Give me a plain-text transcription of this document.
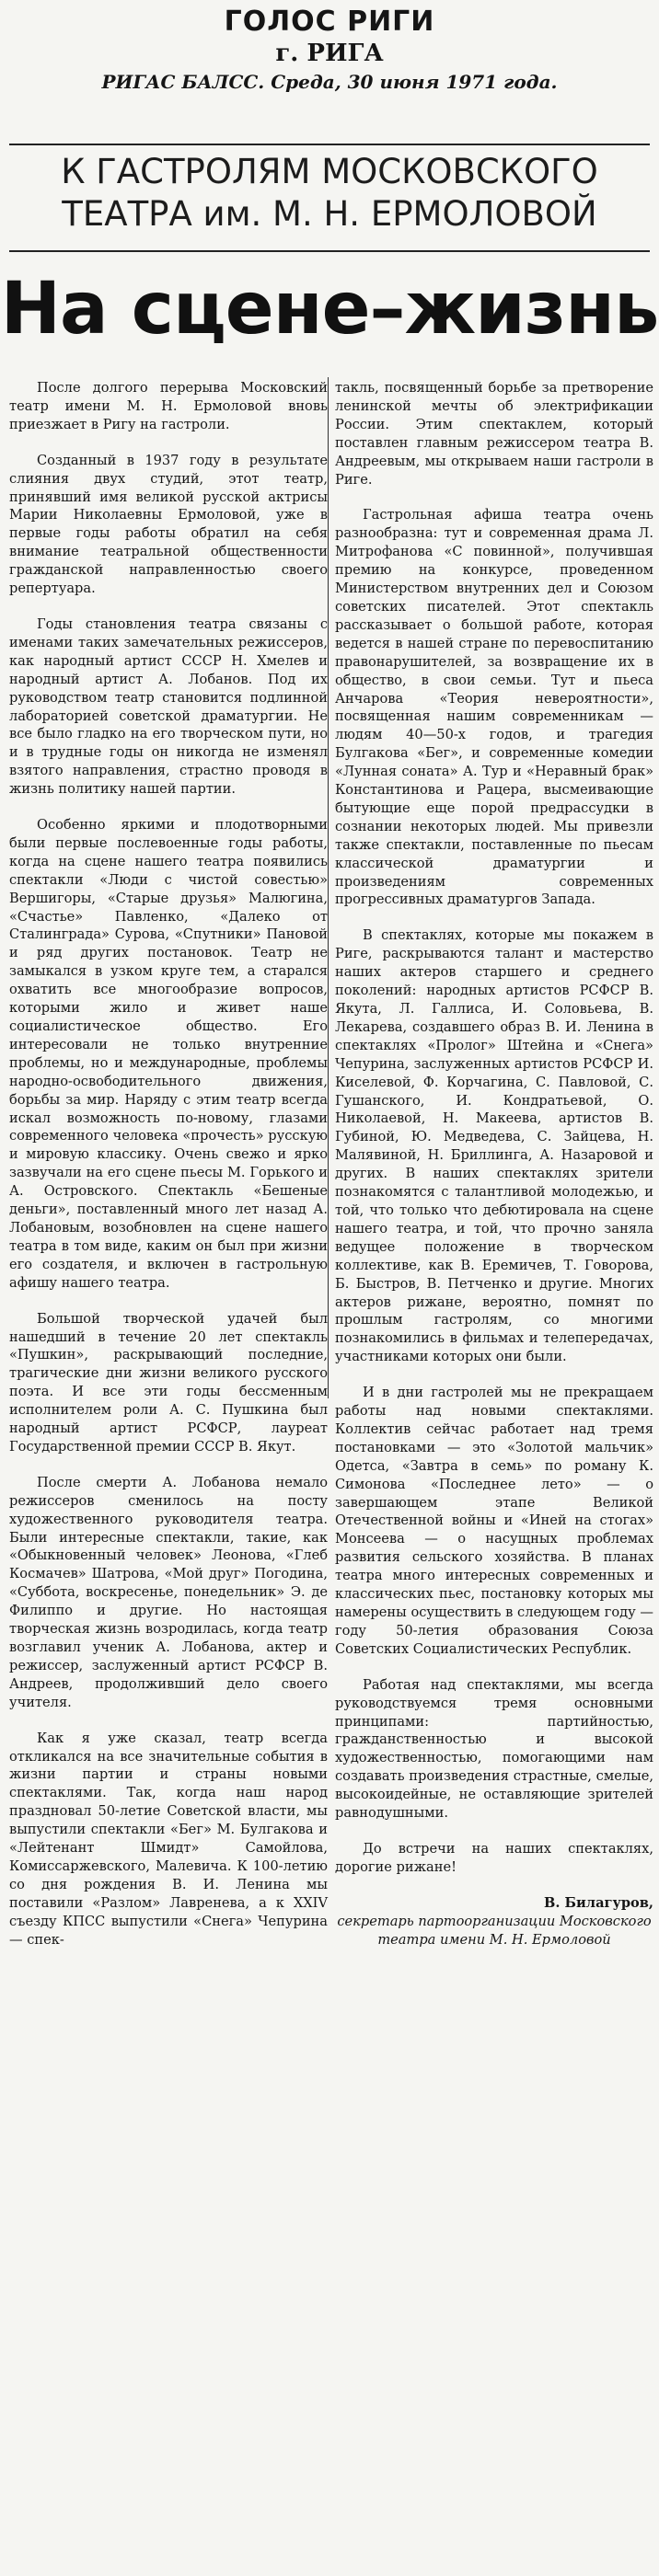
ГОЛОС РИГИ
г. РИГА
РИГАС БАЛСС. Среда, 30 июня 1971 года.
К ГАСТРОЛЯМ МОСКОВСКОГО
ТЕАТРА им. М. Н. ЕРМОЛОВОЙ
На сцене–жизнь

После долгого перерыва Московский театр имени М. Н. Ермоловой вновь приезжает в Ригу на гастроли.

Созданный в 1937 году в результате слияния двух студий, этот театр, принявший имя великой русской актрисы Марии Николаевны Ермоловой, уже в первые годы работы обратил на себя внимание театральной общественности гражданской направленностью своего репертуара.

Годы становления театра связаны с именами таких замечательных режиссеров, как народный артист СССР Н. Хмелев и народный артист А. Лобанов. Под их руководством театр становится подлинной лабораторией советской драматургии. Не все было гладко на его творческом пути, но и в трудные годы он никогда не изменял взятого направления, страстно проводя в жизнь политику нашей партии.

Особенно яркими и плодотворными были первые послевоенные годы работы, когда на сцене нашего театра появились спектакли «Люди с чистой совестью» Вершигоры, «Старые друзья» Малюгина, «Счастье» Павленко, «Далеко от Сталинграда» Сурова, «Спутники» Пановой и ряд других постановок. Театр не замыкался в узком круге тем, а старался охватить все многообразие вопросов, которыми жило и живет наше социалистическое общество. Его интересовали не только внутренние проблемы, но и международные, проблемы народно-освободительного движения, борьбы за мир. Наряду с этим театр всегда искал возможность по-новому, глазами современного человека «прочесть» русскую и мировую классику. Очень свежо и ярко зазвучали на его сцене пьесы М. Горького и А. Островского. Спектакль «Бешеные деньги», поставленный много лет назад А. Лобановым, возобновлен на сцене нашего театра в том виде, каким он был при жизни его создателя, и включен в гастрольную афишу нашего театра.

Большой творческой удачей был нашедший в течение 20 лет спектакль «Пушкин», раскрывающий последние, трагические дни жизни великого русского поэта. И все эти годы бессменным исполнителем роли А. С. Пушкина был народный артист РСФСР, лауреат Государственной премии СССР В. Якут.

После смерти А. Лобанова немало режиссеров сменилось на посту художественного руководителя театра. Были интересные спектакли, такие, как «Обыкновенный человек» Леонова, «Глеб Космачев» Шатрова, «Мой друг» Погодина, «Суббота, воскресенье, понедельник» Э. де Филиппо и другие. Но настоящая творческая жизнь возродилась, когда театр возглавил ученик А. Лобанова, актер и режиссер, заслуженный артист РСФСР В. Андреев, продолживший дело своего учителя.

Как я уже сказал, театр всегда откликался на все значительные события в жизни партии и страны новыми спектаклями. Так, когда наш народ праздновал 50-летие Советской власти, мы выпустили спектакли «Бег» М. Булгакова и «Лейтенант Шмидт» Самойлова, Комиссаржевского, Малевича. К 100-летию со дня рождения В. И. Ленина мы поставили «Разлом» Лавренева, а к XXIV съезду КПСС выпустили «Снега» Чепурина — спек-

такль, посвященный борьбе за претворение ленинской мечты об электрификации России. Этим спектаклем, который поставлен главным режиссером театра В. Андреевым, мы открываем наши гастроли в Риге.

Гастрольная афиша театра очень разнообразна: тут и современная драма Л. Митрофанова «С повинной», получившая премию на конкурсе, проведенном Министерством внутренних дел и Союзом советских писателей. Этот спектакль рассказывает о большой работе, которая ведется в нашей стране по перевоспитанию правонарушителей, за возвращение их в общество, в свои семьи. Тут и пьеса Анчарова «Теория невероятности», посвященная нашим современникам — людям 40—50-х годов, и трагедия Булгакова «Бег», и современные комедии «Лунная соната» А. Тур и «Неравный брак» Константинова и Рацера, высмеивающие бытующие еще порой предрассудки в сознании некоторых людей. Мы привезли также спектакли, поставленные по пьесам классической драматургии и произведениям современных прогрессивных драматургов Запада.

В спектаклях, которые мы покажем в Риге, раскрываются талант и мастерство наших актеров старшего и среднего поколений: народных артистов РСФСР В. Якута, Л. Галлиса, И. Соловьева, В. Лекарева, создавшего образ В. И. Ленина в спектаклях «Пролог» Штейна и «Снега» Чепурина, заслуженных артистов РСФСР И. Киселевой, Ф. Корчагина, С. Павловой, С. Гушанского, И. Кондратьевой, О. Николаевой, Н. Макеева, артистов В. Губиной, Ю. Медведева, С. Зайцева, Н. Малявиной, Н. Бриллинга, А. Назаровой и других. В наших спектаклях зрители познакомятся с талантливой молодежью, и той, что только что дебютировала на сцене нашего театра, и той, что прочно заняла ведущее положение в творческом коллективе, как В. Еремичев, Т. Говорова, Б. Быстров, В. Петченко и другие. Многих актеров рижане, вероятно, помнят по прошлым гастролям, со многими познакомились в фильмах и телепередачах, участниками которых они были.

И в дни гастролей мы не прекращаем работы над новыми спектаклями. Коллектив сейчас работает над тремя постановками — это «Золотой мальчик» Одетса, «Завтра в семь» по роману К. Симонова «Последнее лето» — о завершающем этапе Великой Отечественной войны и «Иней на стогах» Монсеева — о насущных проблемах развития сельского хозяйства. В планах театра много интересных современных и классических пьес, постановку которых мы намерены осуществить в следующем году — году 50-летия образования Союза Советских Социалистических Республик.

Работая над спектаклями, мы всегда руководствуемся тремя основными принципами: партийностью, гражданственностью и высокой художественностью, помогающими нам создавать произведения страстные, смелые, высокоидейные, не оставляющие зрителей равнодушными.

До встречи на наших спектаклях, дорогие рижане!

В. Билагуров,
секретарь партоорганизации Московского театра имени М. Н. Ермоловой
